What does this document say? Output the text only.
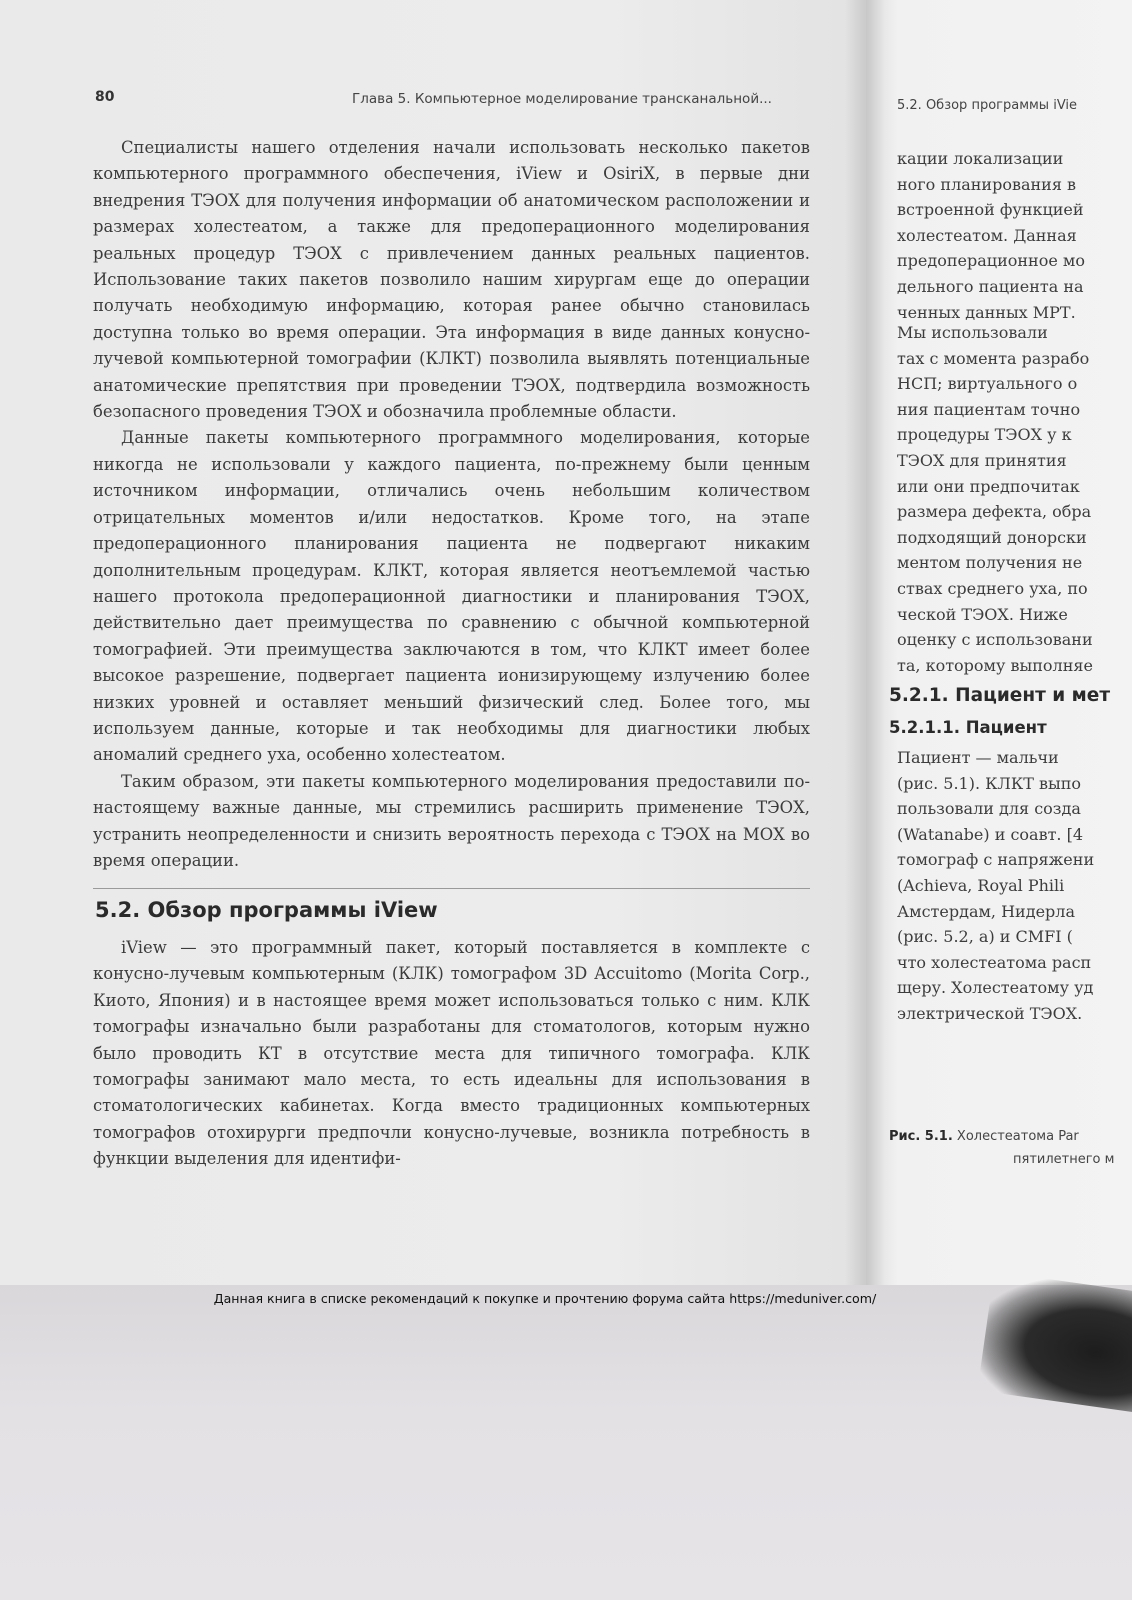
80	Глава 5. Компьютерное моделирование трансканальной...

Специалисты нашего отделения начали использовать несколько пакетов компьютерного программного обеспечения, iView и OsiriX, в первые дни внедрения ТЭОХ для получения информации об анатомическом расположении и размерах холестеатом, а также для предоперационного моделирования реальных процедур ТЭОХ с привлечением данных реальных пациентов. Использование таких пакетов позволило нашим хирургам еще до операции получать необходимую информацию, которая ранее обычно становилась доступна только во время операции. Эта информация в виде данных конусно-лучевой компьютерной томографии (КЛКТ) позволила выявлять потенциальные анатомические препятствия при проведении ТЭОХ, подтвердила возможность безопасного проведения ТЭОХ и обозначила проблемные области.

Данные пакеты компьютерного программного моделирования, которые никогда не использовали у каждого пациента, по-прежнему были ценным источником информации, отличались очень небольшим количеством отрицательных моментов и/или недостатков. Кроме того, на этапе предоперационного планирования пациента не подвергают никаким дополнительным процедурам. КЛКТ, которая является неотъемлемой частью нашего протокола предоперационной диагностики и планирования ТЭОХ, действительно дает преимущества по сравнению с обычной компьютерной томографией. Эти преимущества заключаются в том, что КЛКТ имеет более высокое разрешение, подвергает пациента ионизирующему излучению более низких уровней и оставляет меньший физический след. Более того, мы используем данные, которые и так необходимы для диагностики любых аномалий среднего уха, особенно холестеатом.

Таким образом, эти пакеты компьютерного моделирования предоставили по-настоящему важные данные, мы стремились расширить применение ТЭОХ, устранить неопределенности и снизить вероятность перехода с ТЭОХ на МОХ во время операции.

5.2. Обзор программы iView

iView — это программный пакет, который поставляется в комплекте с конусно-лучевым компьютерным (КЛК) томографом 3D Accuitomo (Morita Corp., Киото, Япония) и в настоящее время может использоваться только с ним. КЛК томографы изначально были разработаны для стоматологов, которым нужно было проводить КТ в отсутствие места для типичного томографа. КЛК томографы занимают мало места, то есть идеальны для использования в стоматологических кабинетах. Когда вместо традиционных компьютерных томографов отохирурги предпочли конусно-лучевые, возникла потребность в функции выделения для идентифи-

5.2. Обзор программы iVie
кации локализации
ного планирования в
встроенной функцией
холестеатом. Данная
предоперационное мо
дельного пациента на
ченных данных МРТ.
Мы использовали
тах с момента разрабо
НСП; виртуального о
ния пациентам точно
процедуры ТЭОХ у к
ТЭОХ для принятия
или они предпочитак
размера дефекта, обра
подходящий донорски
ментом получения не
ствах среднего уха, по
ческой ТЭОХ. Ниже
оценку с использовани
та, которому выполняе
5.2.1. Пациент и мет
5.2.1.1. Пациент
Пациент — мальчи
(рис. 5.1). КЛКТ выпо
пользовали для созда
(Watanabe) и соавт. [4
томограф с напряжени
(Achieva, Royal Phili
Амстердам, Нидерла
(рис. 5.2, а) и CMFI (
что холестеатома расп
щеру. Холестеатому уд
электрической ТЭОХ.
Рис. 5.1. Холестеатома Par
пятилетнего м
Данная книга в списке рекомендаций к покупке и прочтению форума сайта https://meduniver.com/
